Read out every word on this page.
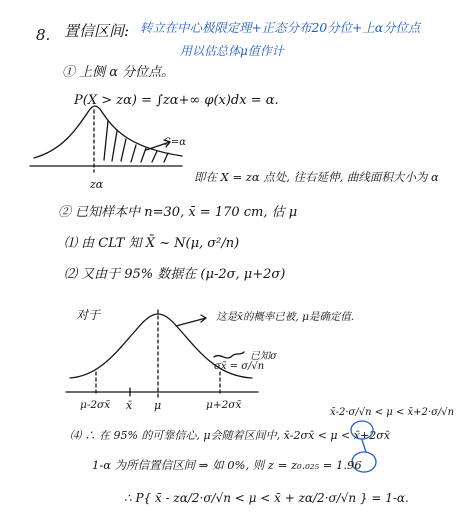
8. 置信区间: 转立在中心极限定理+正态分布20分位+上α分位点
用以估总体μ值作计
① 上侧 α 分位点。
P(X > zα) = ∫zα+∞ φ(x)dx = α.
zα
S=α
即在 X = zα 点处, 往右延伸, 曲线面积大小为 α
② 已知样本中 n=30, x̄ = 170 cm, 估 μ
⑴ 由 CLT 知 X̄ ~ N(μ, σ²/n)
⑵ 又由于 95% 数据在 (μ-2σ, μ+2σ)
对于	这是x̄的概率已被, μ是确定值.
σx̄ = σ/√n
已知σ
μ-2σx̄ x̄ μ	μ+2σx̄
x̄-2·σ/√n < μ < x̄+2·σ/√n
⑷ ∴ 在 95% 的可靠信心, μ会随着区间中, x̄-2σx̄ < μ < x̄+2σx̄
1-α 为所信置信区间 ⇒ 如 0%, 则 z = z₀.₀₂₅ = 1.96
∴ P{ x̄ - zα/2·σ/√n < μ < x̄ + zα/2·σ/√n } = 1-α.
